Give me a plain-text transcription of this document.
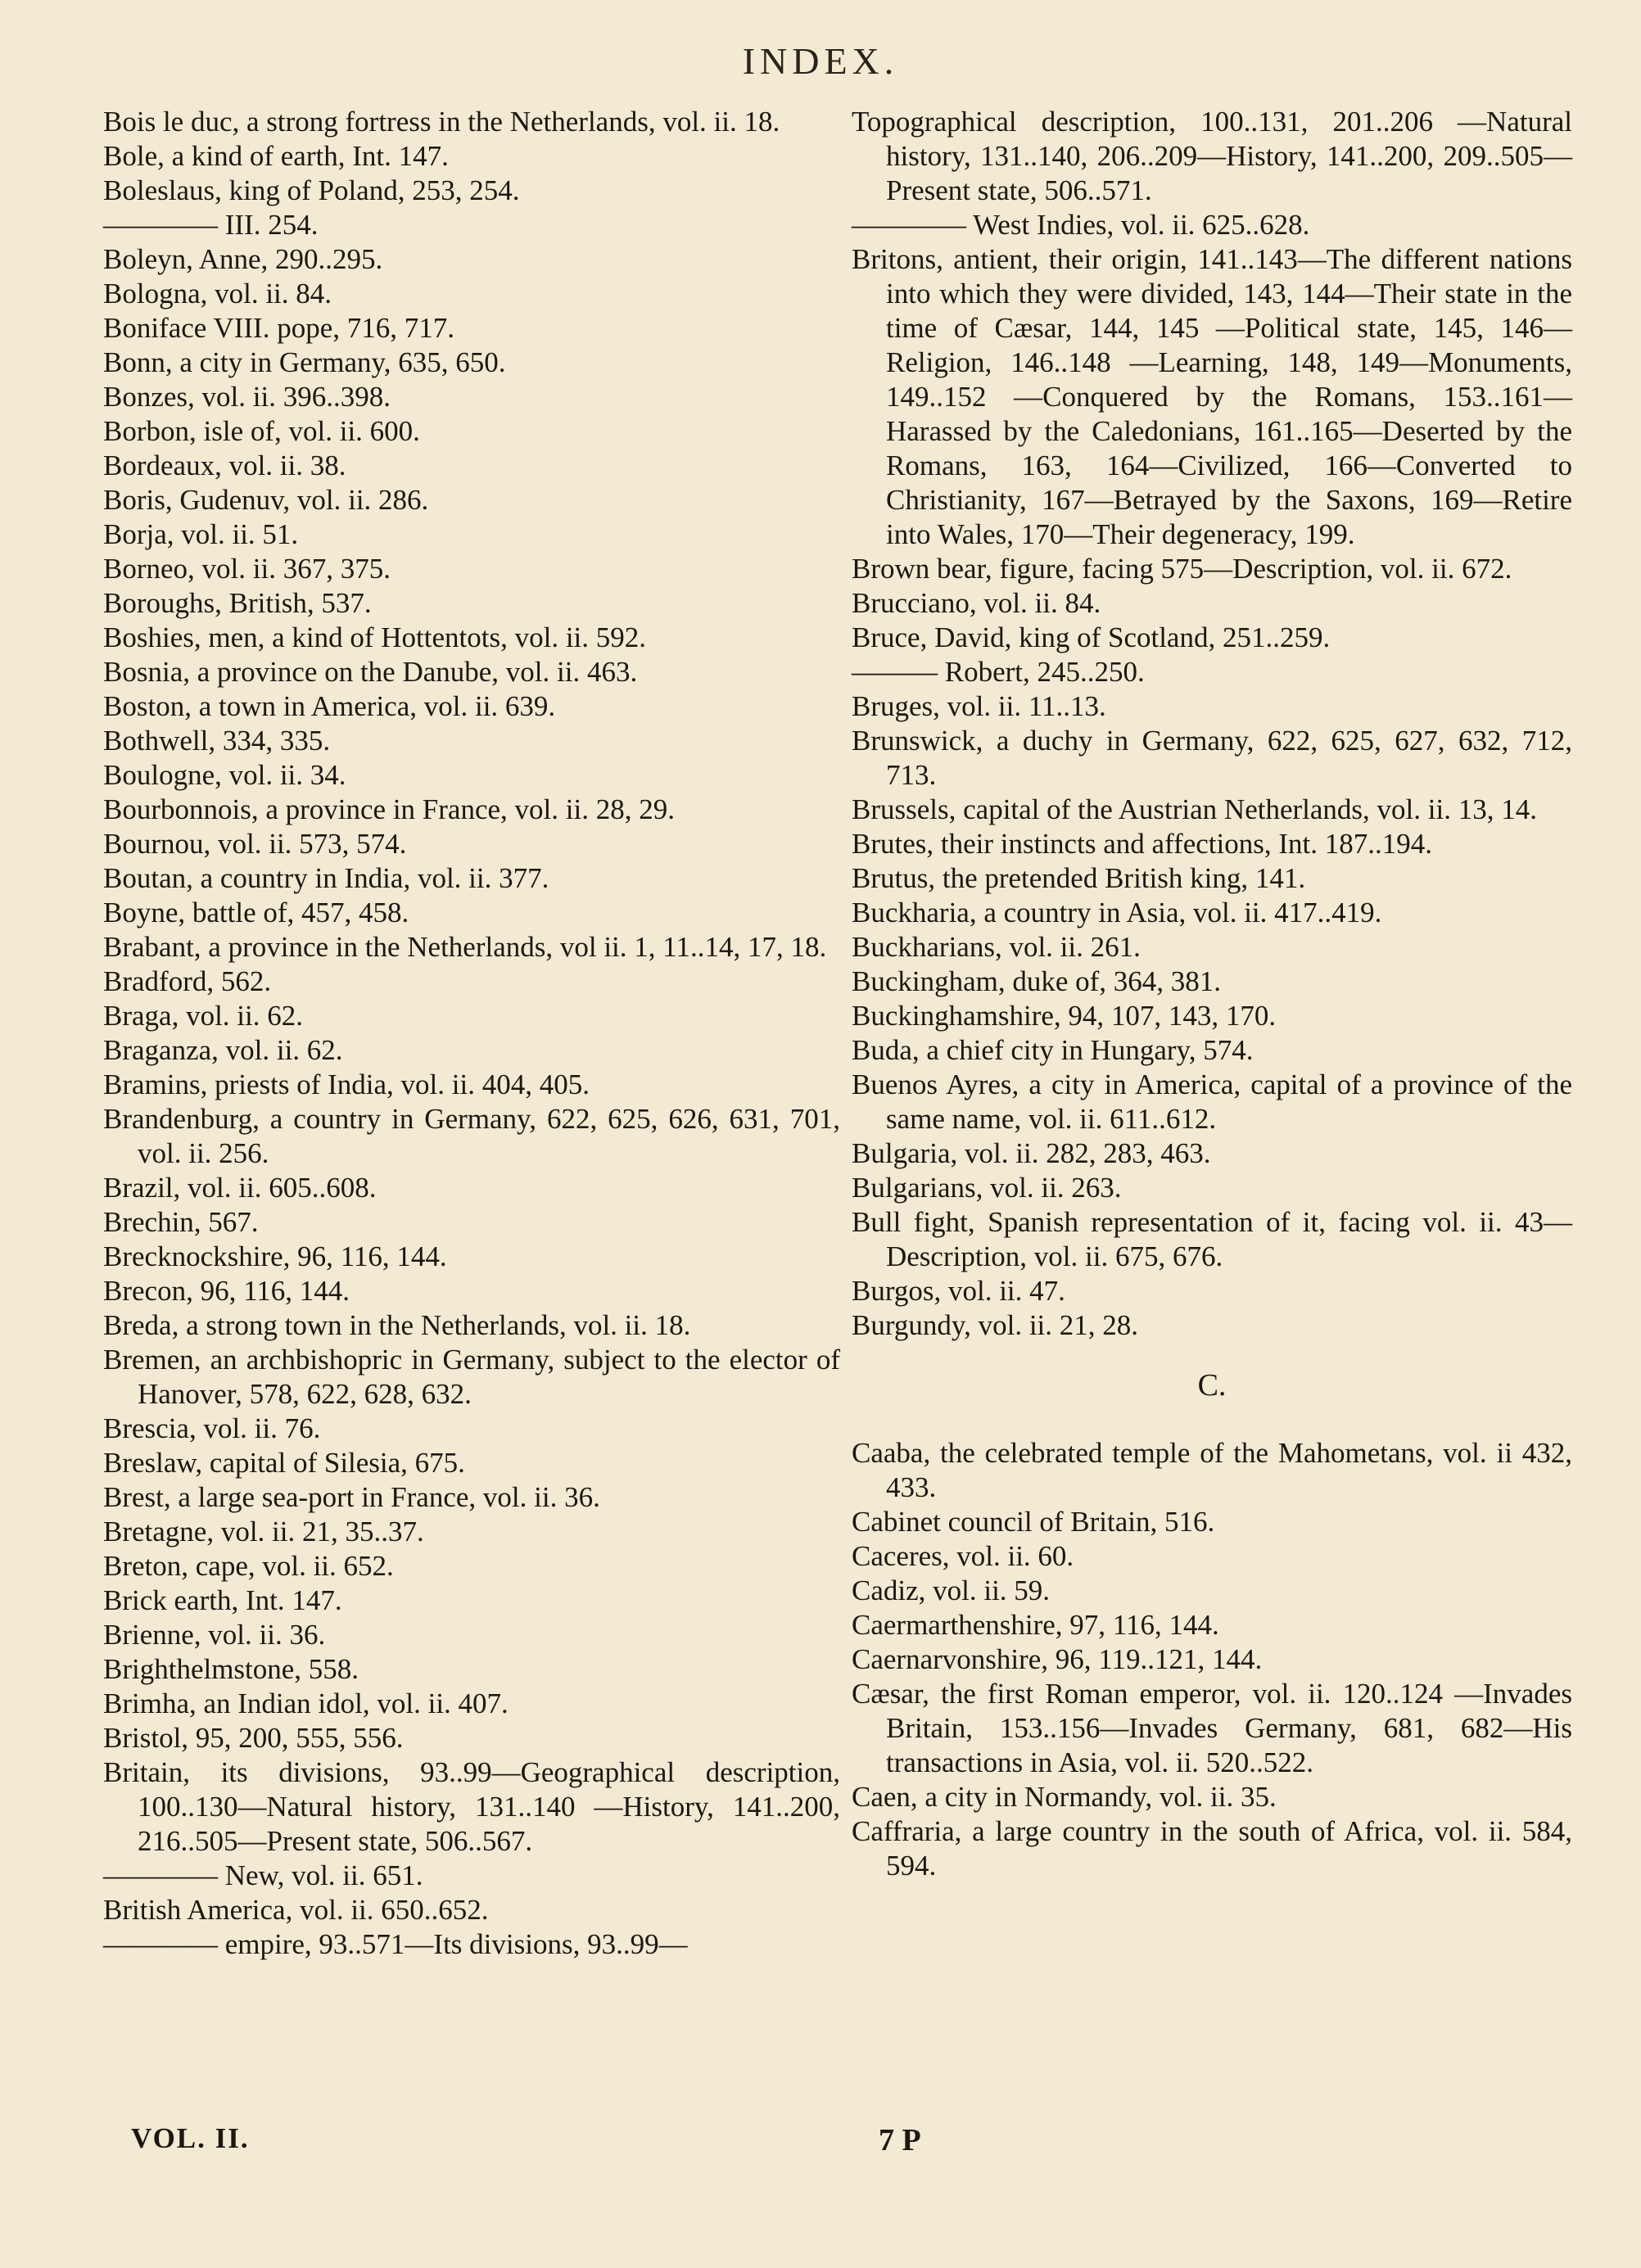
INDEX.

Bois le duc, a strong fortress in the Netherlands, vol. ii. 18.

Bole, a kind of earth, Int. 147.

Boleslaus, king of Poland, 253, 254.

———— III. 254.

Boleyn, Anne, 290..295.

Bologna, vol. ii. 84.

Boniface VIII. pope, 716, 717.

Bonn, a city in Germany, 635, 650.

Bonzes, vol. ii. 396..398.

Borbon, isle of, vol. ii. 600.

Bordeaux, vol. ii. 38.

Boris, Gudenuv, vol. ii. 286.

Borja, vol. ii. 51.

Borneo, vol. ii. 367, 375.

Boroughs, British, 537.

Boshies, men, a kind of Hottentots, vol. ii. 592.

Bosnia, a province on the Danube, vol. ii. 463.

Boston, a town in America, vol. ii. 639.

Bothwell, 334, 335.

Boulogne, vol. ii. 34.

Bourbonnois, a province in France, vol. ii. 28, 29.

Bournou, vol. ii. 573, 574.

Boutan, a country in India, vol. ii. 377.

Boyne, battle of, 457, 458.

Brabant, a province in the Netherlands, vol ii. 1, 11..14, 17, 18.

Bradford, 562.

Braga, vol. ii. 62.

Braganza, vol. ii. 62.

Bramins, priests of India, vol. ii. 404, 405.

Brandenburg, a country in Germany, 622, 625, 626, 631, 701, vol. ii. 256.

Brazil, vol. ii. 605..608.

Brechin, 567.

Brecknockshire, 96, 116, 144.

Brecon, 96, 116, 144.

Breda, a strong town in the Netherlands, vol. ii. 18.

Bremen, an archbishopric in Germany, subject to the elector of Hanover, 578, 622, 628, 632.

Brescia, vol. ii. 76.

Breslaw, capital of Silesia, 675.

Brest, a large sea-port in France, vol. ii. 36.

Bretagne, vol. ii. 21, 35..37.

Breton, cape, vol. ii. 652.

Brick earth, Int. 147.

Brienne, vol. ii. 36.

Brighthelmstone, 558.

Brimha, an Indian idol, vol. ii. 407.

Bristol, 95, 200, 555, 556.

Britain, its divisions, 93..99—Geographical description, 100..130—Natural history, 131..140 —History, 141..200, 216..505—Present state, 506..567.

———— New, vol. ii. 651.

British America, vol. ii. 650..652.

———— empire, 93..571—Its divisions, 93..99—

Topographical description, 100..131, 201..206 —Natural history, 131..140, 206..209—History, 141..200, 209..505—Present state, 506..571.

———— West Indies, vol. ii. 625..628.

Britons, antient, their origin, 141..143—The different nations into which they were divided, 143, 144—Their state in the time of Cæsar, 144, 145 —Political state, 145, 146—Religion, 146..148 —Learning, 148, 149—Monuments, 149..152 —Conquered by the Romans, 153..161—Harassed by the Caledonians, 161..165—Deserted by the Romans, 163, 164—Civilized, 166—Converted to Christianity, 167—Betrayed by the Saxons, 169—Retire into Wales, 170—Their degeneracy, 199.

Brown bear, figure, facing 575—Description, vol. ii. 672.

Brucciano, vol. ii. 84.

Bruce, David, king of Scotland, 251..259.

——— Robert, 245..250.

Bruges, vol. ii. 11..13.

Brunswick, a duchy in Germany, 622, 625, 627, 632, 712, 713.

Brussels, capital of the Austrian Netherlands, vol. ii. 13, 14.

Brutes, their instincts and affections, Int. 187..194.

Brutus, the pretended British king, 141.

Buckharia, a country in Asia, vol. ii. 417..419.

Buckharians, vol. ii. 261.

Buckingham, duke of, 364, 381.

Buckinghamshire, 94, 107, 143, 170.

Buda, a chief city in Hungary, 574.

Buenos Ayres, a city in America, capital of a province of the same name, vol. ii. 611..612.

Bulgaria, vol. ii. 282, 283, 463.

Bulgarians, vol. ii. 263.

Bull fight, Spanish representation of it, facing vol. ii. 43—Description, vol. ii. 675, 676.

Burgos, vol. ii. 47.

Burgundy, vol. ii. 21, 28.

C.

Caaba, the celebrated temple of the Mahometans, vol. ii 432, 433.

Cabinet council of Britain, 516.

Caceres, vol. ii. 60.

Cadiz, vol. ii. 59.

Caermarthenshire, 97, 116, 144.

Caernarvonshire, 96, 119..121, 144.

Cæsar, the first Roman emperor, vol. ii. 120..124 —Invades Britain, 153..156—Invades Germany, 681, 682—His transactions in Asia, vol. ii. 520..522.

Caen, a city in Normandy, vol. ii. 35.

Caffraria, a large country in the south of Africa, vol. ii. 584, 594.

VOL. II.	7 P
